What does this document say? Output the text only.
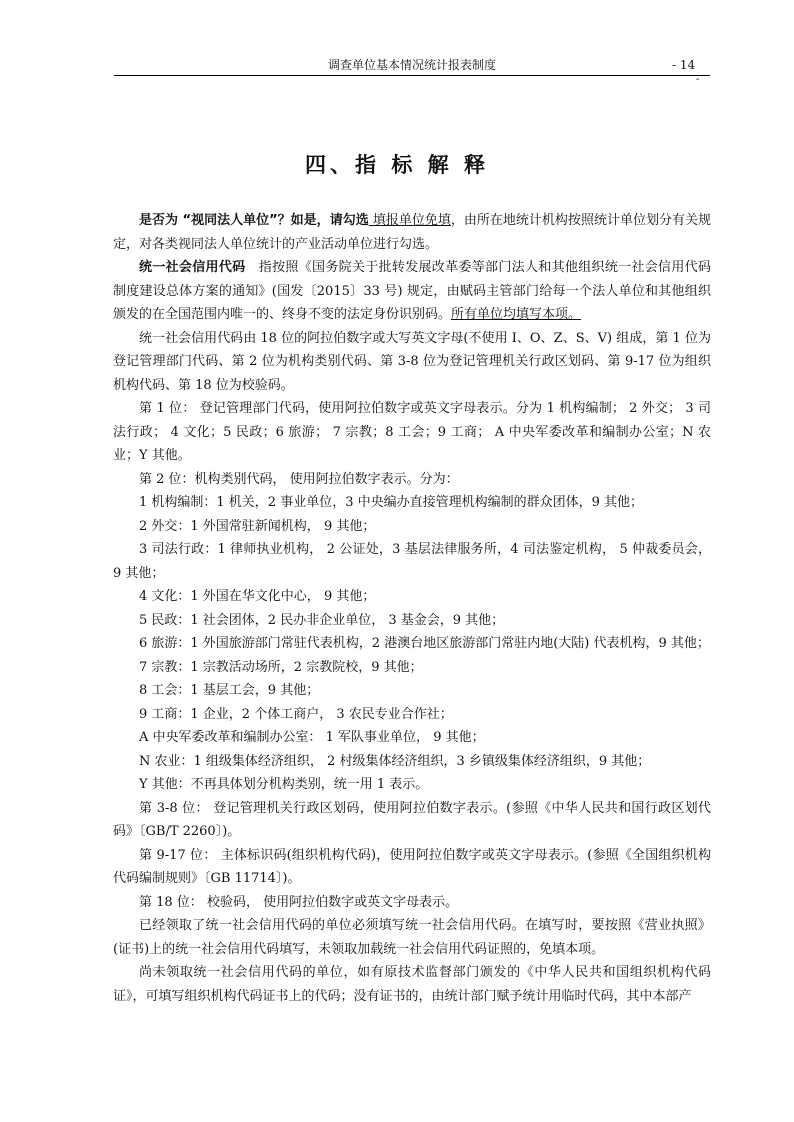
调查单位基本情况统计报表制度	- 14
-
四、指 标 解 释

是否为 “视同法人单位”？如是，请勾选 填报单位免填，由所在地统计机构按照统计单位划分有关规定，对各类视同法人单位统计的产业活动单位进行勾选。

统一社会信用代码　指按照《国务院关于批转发展改革委等部门法人和其他组织统一社会信用代码制度建设总体方案的通知》(国发〔2015〕33 号) 规定，由赋码主管部门给每一个法人单位和其他组织颁发的在全国范围内唯一的、终身不变的法定身份识别码。所有单位均填写本项。

统一社会信用代码由 18 位的阿拉伯数字或大写英文字母(不使用 I、O、Z、S、V) 组成，第 1 位为登记管理部门代码、第 2 位为机构类别代码、第 3-8 位为登记管理机关行政区划码、第 9-17 位为组织机构代码、第 18 位为校验码。

第 1 位： 登记管理部门代码，使用阿拉伯数字或英文字母表示。分为 1 机构编制； 2 外交； 3 司法行政； 4 文化；5 民政；6 旅游； 7 宗教；8 工会；9 工商； A 中央军委改革和编制办公室；N 农业；Y 其他。

第 2 位：机构类别代码， 使用阿拉伯数字表示。分为：

1 机构编制：1 机关，2 事业单位，3 中央编办直接管理机构编制的群众团体，9 其他；

2 外交：1 外国常驻新闻机构， 9 其他；

3 司法行政：1 律师执业机构， 2 公证处，3 基层法律服务所，4 司法鉴定机构， 5 仲裁委员会， 9 其他；

4 文化：1 外国在华文化中心， 9 其他；

5 民政：1 社会团体，2 民办非企业单位， 3 基金会，9 其他；

6 旅游：1 外国旅游部门常驻代表机构，2 港澳台地区旅游部门常驻内地(大陆) 代表机构，9 其他；

7 宗教：1 宗教活动场所，2 宗教院校，9 其他；

8 工会：1 基层工会，9 其他；

9 工商：1 企业，2 个体工商户， 3 农民专业合作社；

A 中央军委改革和编制办公室： 1 军队事业单位， 9 其他；

N 农业：1 组级集体经济组织， 2 村级集体经济组织，3 乡镇级集体经济组织，9 其他；

Y 其他：不再具体划分机构类别，统一用 1 表示。

第 3-8 位： 登记管理机关行政区划码，使用阿拉伯数字表示。(参照《中华人民共和国行政区划代码》〔GB/T 2260〕)。

第 9-17 位： 主体标识码(组织机构代码)，使用阿拉伯数字或英文字母表示。(参照《全国组织机构代码编制规则》〔GB 11714〕)。

第 18 位： 校验码， 使用阿拉伯数字或英文字母表示。

已经领取了统一社会信用代码的单位必须填写统一社会信用代码。在填写时，要按照《营业执照》(证书)上的统一社会信用代码填写，未领取加载统一社会信用代码证照的，免填本项。

尚未领取统一社会信用代码的单位，如有原技术监督部门颁发的《中华人民共和国组织机构代码证》，可填写组织机构代码证书上的代码；没有证书的，由统计部门赋予统计用临时代码，其中本部产
